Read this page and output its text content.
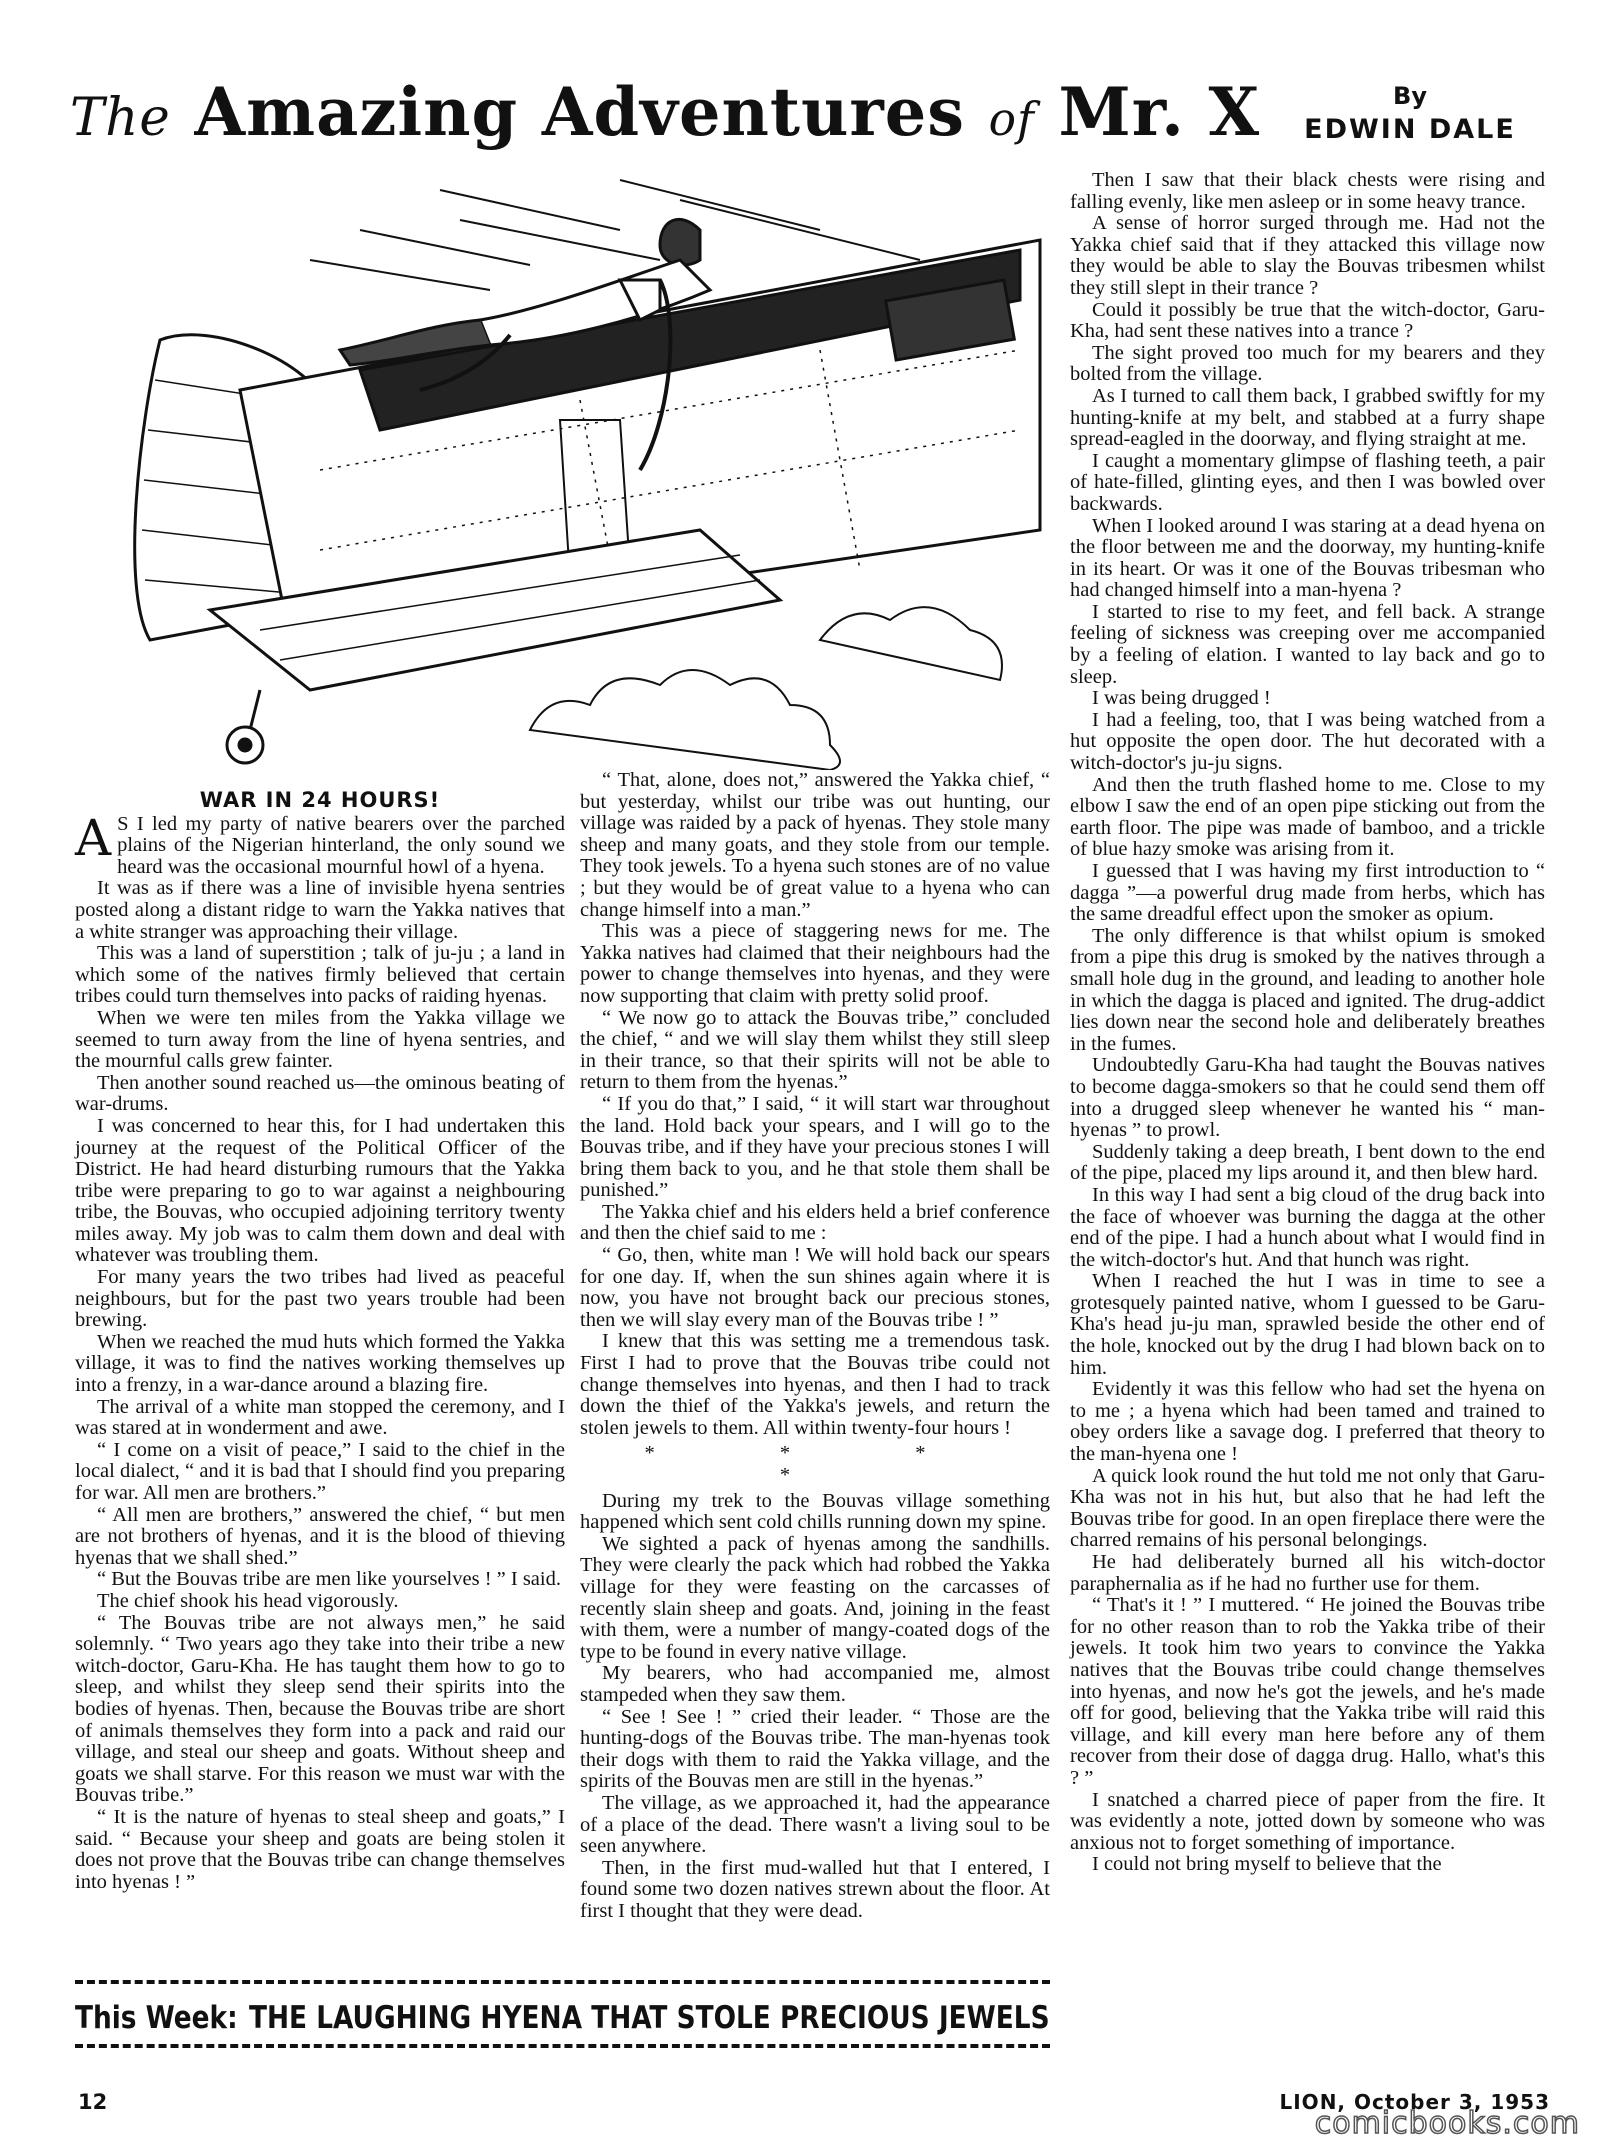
The Amazing Adventures of Mr. X	By
EDWIN DALE
WAR IN 24 HOURS!

A S I led my party of native bearers over the parched plains of the Nigerian hinterland, the only sound we heard was the occasional mournful howl of a hyena.

It was as if there was a line of invisible hyena sentries posted along a distant ridge to warn the Yakka natives that a white stranger was approaching their village.

This was a land of superstition ; talk of ju-ju ; a land in which some of the natives firmly believed that certain tribes could turn themselves into packs of raiding hyenas.

When we were ten miles from the Yakka village we seemed to turn away from the line of hyena sentries, and the mournful calls grew fainter.

Then another sound reached us—the ominous beating of war-drums.

I was concerned to hear this, for I had undertaken this journey at the request of the Political Officer of the District. He had heard disturbing rumours that the Yakka tribe were preparing to go to war against a neighbouring tribe, the Bouvas, who occupied adjoining territory twenty miles away. My job was to calm them down and deal with whatever was troubling them.

For many years the two tribes had lived as peaceful neighbours, but for the past two years trouble had been brewing.

When we reached the mud huts which formed the Yakka village, it was to find the natives working themselves up into a frenzy, in a war-dance around a blazing fire.

The arrival of a white man stopped the ceremony, and I was stared at in wonderment and awe.

“ I come on a visit of peace,” I said to the chief in the local dialect, “ and it is bad that I should find you preparing for war. All men are brothers.”

“ All men are brothers,” answered the chief, “ but men are not brothers of hyenas, and it is the blood of thieving hyenas that we shall shed.”

“ But the Bouvas tribe are men like yourselves ! ” I said.

The chief shook his head vigorously.

“ The Bouvas tribe are not always men,” he said solemnly. “ Two years ago they take into their tribe a new witch-doctor, Garu-Kha. He has taught them how to go to sleep, and whilst they sleep send their spirits into the bodies of hyenas. Then, because the Bouvas tribe are short of animals themselves they form into a pack and raid our village, and steal our sheep and goats. Without sheep and goats we shall starve. For this reason we must war with the Bouvas tribe.”

“ It is the nature of hyenas to steal sheep and goats,” I said. “ Because your sheep and goats are being stolen it does not prove that the Bouvas tribe can change themselves into hyenas ! ”

“ That, alone, does not,” answered the Yakka chief, “ but yesterday, whilst our tribe was out hunting, our village was raided by a pack of hyenas. They stole many sheep and many goats, and they stole from our temple. They took jewels. To a hyena such stones are of no value ; but they would be of great value to a hyena who can change himself into a man.”

This was a piece of staggering news for me. The Yakka natives had claimed that their neighbours had the power to change themselves into hyenas, and they were now supporting that claim with pretty solid proof.

“ We now go to attack the Bouvas tribe,” concluded the chief, “ and we will slay them whilst they still sleep in their trance, so that their spirits will not be able to return to them from the hyenas.”

“ If you do that,” I said, “ it will start war throughout the land. Hold back your spears, and I will go to the Bouvas tribe, and if they have your precious stones I will bring them back to you, and he that stole them shall be punished.”

The Yakka chief and his elders held a brief conference and then the chief said to me :

“ Go, then, white man ! We will hold back our spears for one day. If, when the sun shines again where it is now, you have not brought back our precious stones, then we will slay every man of the Bouvas tribe ! ”

I knew that this was setting me a tremendous task. First I had to prove that the Bouvas tribe could not change themselves into hyenas, and then I had to track down the thief of the Yakka's jewels, and return the stolen jewels to them. All within twenty-four hours !

* * * *

During my trek to the Bouvas village something happened which sent cold chills running down my spine.

We sighted a pack of hyenas among the sandhills. They were clearly the pack which had robbed the Yakka village for they were feasting on the carcasses of recently slain sheep and goats. And, joining in the feast with them, were a number of mangy-coated dogs of the type to be found in every native village.

My bearers, who had accompanied me, almost stampeded when they saw them.

“ See ! See ! ” cried their leader. “ Those are the hunting-dogs of the Bouvas tribe. The man-hyenas took their dogs with them to raid the Yakka village, and the spirits of the Bouvas men are still in the hyenas.”

The village, as we approached it, had the appearance of a place of the dead. There wasn't a living soul to be seen anywhere.

Then, in the first mud-walled hut that I entered, I found some two dozen natives strewn about the floor. At first I thought that they were dead.

Then I saw that their black chests were rising and falling evenly, like men asleep or in some heavy trance.

A sense of horror surged through me. Had not the Yakka chief said that if they attacked this village now they would be able to slay the Bouvas tribesmen whilst they still slept in their trance ?

Could it possibly be true that the witch-doctor, Garu-Kha, had sent these natives into a trance ?

The sight proved too much for my bearers and they bolted from the village.

As I turned to call them back, I grabbed swiftly for my hunting-knife at my belt, and stabbed at a furry shape spread-eagled in the doorway, and flying straight at me.

I caught a momentary glimpse of flashing teeth, a pair of hate-filled, glinting eyes, and then I was bowled over backwards.

When I looked around I was staring at a dead hyena on the floor between me and the doorway, my hunting-knife in its heart. Or was it one of the Bouvas tribesman who had changed himself into a man-hyena ?

I started to rise to my feet, and fell back. A strange feeling of sickness was creeping over me accompanied by a feeling of elation. I wanted to lay back and go to sleep.

I was being drugged !

I had a feeling, too, that I was being watched from a hut opposite the open door. The hut decorated with a witch-doctor's ju-ju signs.

And then the truth flashed home to me. Close to my elbow I saw the end of an open pipe sticking out from the earth floor. The pipe was made of bamboo, and a trickle of blue hazy smoke was arising from it.

I guessed that I was having my first introduction to “ dagga ”—a powerful drug made from herbs, which has the same dreadful effect upon the smoker as opium.

The only difference is that whilst opium is smoked from a pipe this drug is smoked by the natives through a small hole dug in the ground, and leading to another hole in which the dagga is placed and ignited. The drug-addict lies down near the second hole and deliberately breathes in the fumes.

Undoubtedly Garu-Kha had taught the Bouvas natives to become dagga-smokers so that he could send them off into a drugged sleep whenever he wanted his “ man-hyenas ” to prowl.

Suddenly taking a deep breath, I bent down to the end of the pipe, placed my lips around it, and then blew hard.

In this way I had sent a big cloud of the drug back into the face of whoever was burning the dagga at the other end of the pipe. I had a hunch about what I would find in the witch-doctor's hut. And that hunch was right.

When I reached the hut I was in time to see a grotesquely painted native, whom I guessed to be Garu-Kha's head ju-ju man, sprawled beside the other end of the hole, knocked out by the drug I had blown back on to him.

Evidently it was this fellow who had set the hyena on to me ; a hyena which had been tamed and trained to obey orders like a savage dog. I preferred that theory to the man-hyena one !

A quick look round the hut told me not only that Garu-Kha was not in his hut, but also that he had left the Bouvas tribe for good. In an open fireplace there were the charred remains of his personal belongings.

He had deliberately burned all his witch-doctor paraphernalia as if he had no further use for them.

“ That's it ! ” I muttered. “ He joined the Bouvas tribe for no other reason than to rob the Yakka tribe of their jewels. It took him two years to convince the Yakka natives that the Bouvas tribe could change themselves into hyenas, and now he's got the jewels, and he's made off for good, believing that the Yakka tribe will raid this village, and kill every man here before any of them recover from their dose of dagga drug. Hallo, what's this ? ”

I snatched a charred piece of paper from the fire. It was evidently a note, jotted down by someone who was anxious not to forget something of importance.

I could not bring myself to believe that the

This Week: THE LAUGHING HYENA THAT STOLE PRECIOUS JEWELS
12	LION, October 3, 1953
comicbooks.com
